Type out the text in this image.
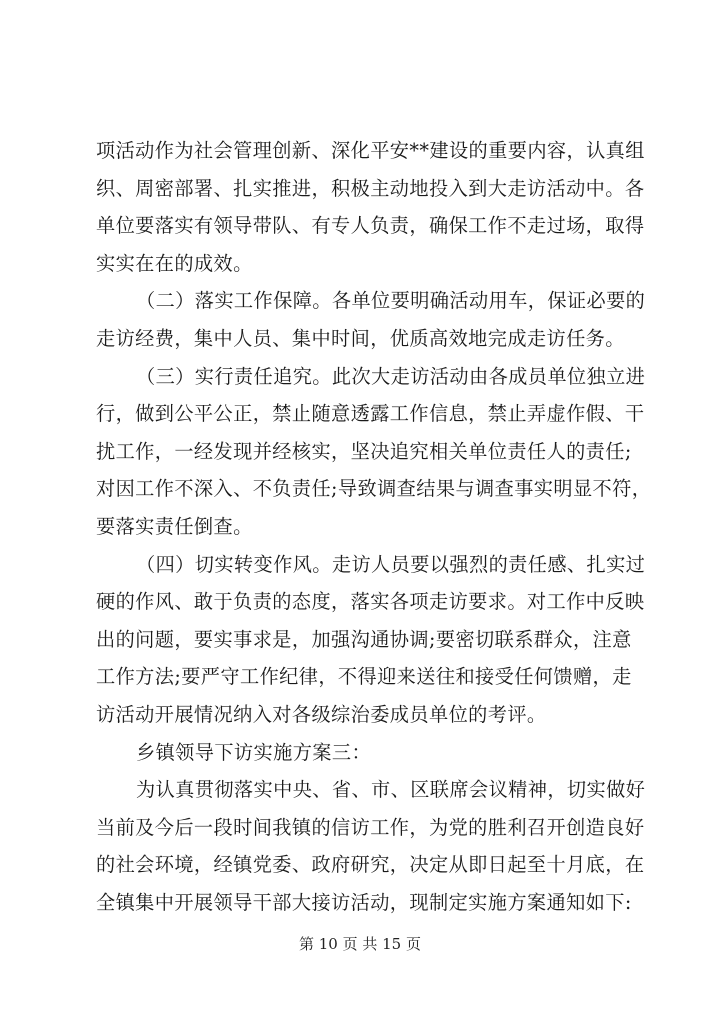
项活动作为社会管理创新、深化平安**建设的重要内容，认真组
织、周密部署、扎实推进，积极主动地投入到大走访活动中。各
单位要落实有领导带队、有专人负责，确保工作不走过场，取得
实实在在的成效。

（二）落实工作保障。各单位要明确活动用车，保证必要的
走访经费，集中人员、集中时间，优质高效地完成走访任务。

（三）实行责任追究。此次大走访活动由各成员单位独立进
行，做到公平公正，禁止随意透露工作信息，禁止弄虚作假、干
扰工作，一经发现并经核实，坚决追究相关单位责任人的责任;
对因工作不深入、不负责任;导致调查结果与调查事实明显不符，
要落实责任倒查。

（四）切实转变作风。走访人员要以强烈的责任感、扎实过
硬的作风、敢于负责的态度，落实各项走访要求。对工作中反映
出的问题，要实事求是，加强沟通协调;要密切联系群众，注意
工作方法;要严守工作纪律，不得迎来送往和接受任何馈赠，走
访活动开展情况纳入对各级综治委成员单位的考评。

乡镇领导下访实施方案三：

为认真贯彻落实中央、省、市、区联席会议精神，切实做好
当前及今后一段时间我镇的信访工作，为党的胜利召开创造良好
的社会环境，经镇党委、政府研究，决定从即日起至十月底，在
全镇集中开展领导干部大接访活动，现制定实施方案通知如下:

第 10 页 共 15 页
